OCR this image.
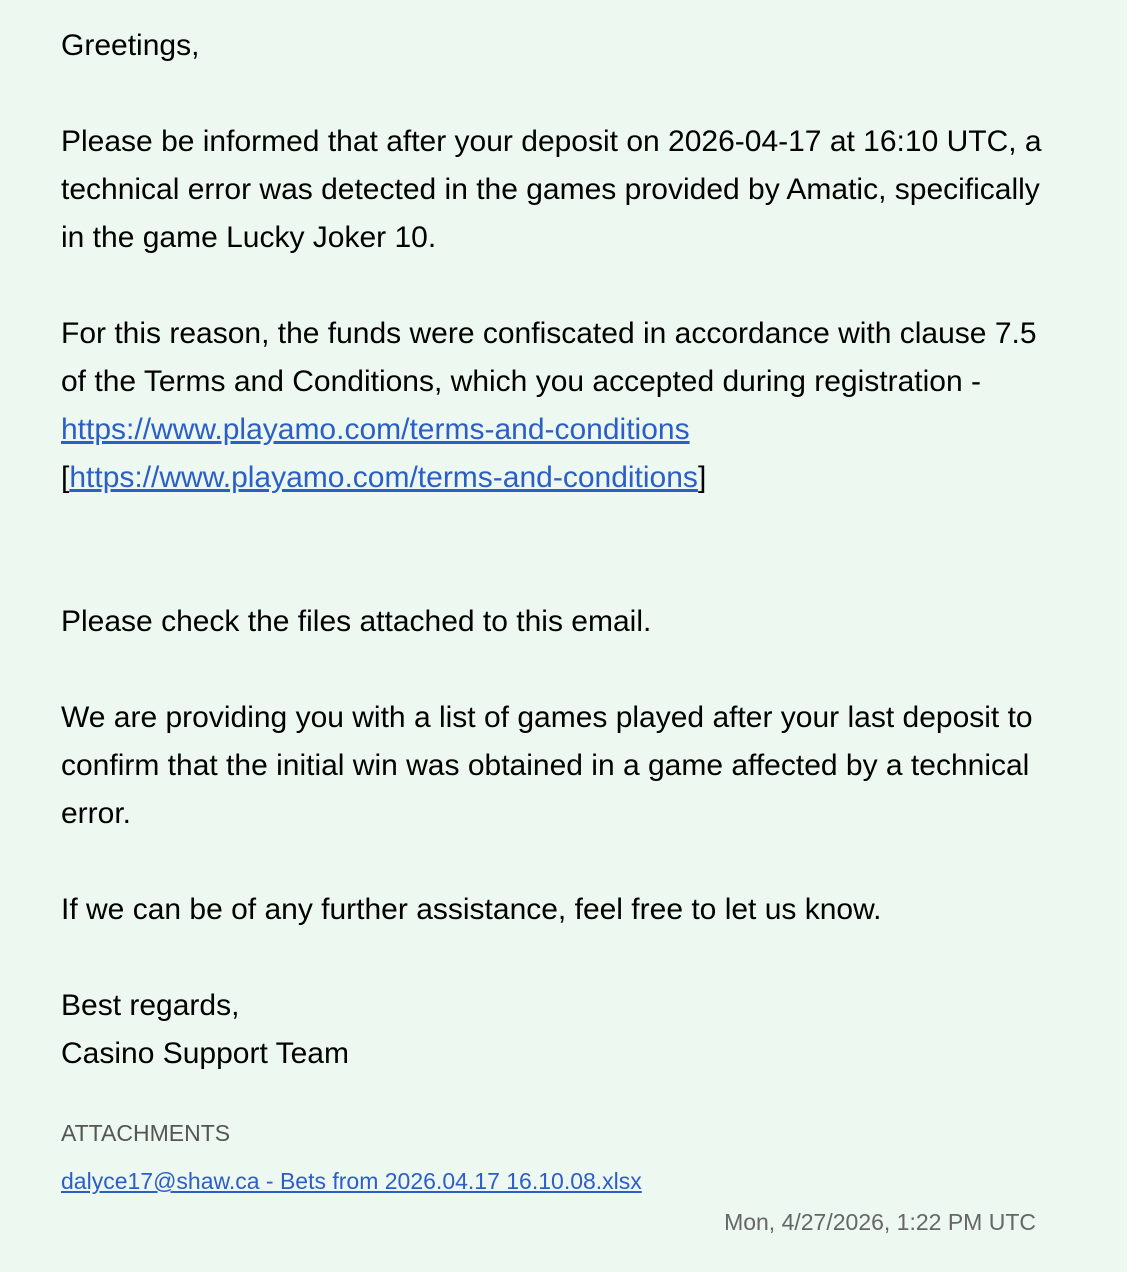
Greetings,

Please be informed that after your deposit on 2026-04-17 at 16:10 UTC, a technical error was detected in the games provided by Amatic, specifically in the game Lucky Joker 10.

For this reason, the funds were confiscated in accordance with clause 7.5 of the Terms and Conditions, which you accepted during registration - https://www.playamo.com/terms-and-conditions
[https://www.playamo.com/terms-and-conditions]

Please check the files attached to this email.

We are providing you with a list of games played after your last deposit to confirm that the initial win was obtained in a game affected by a technical error.

If we can be of any further assistance, feel free to let us know.

Best regards,

Casino Support Team

ATTACHMENTS
dalyce17@shaw.ca - Bets from 2026.04.17 16.10.08.xlsx
Mon, 4/27/2026, 1:22 PM UTC
